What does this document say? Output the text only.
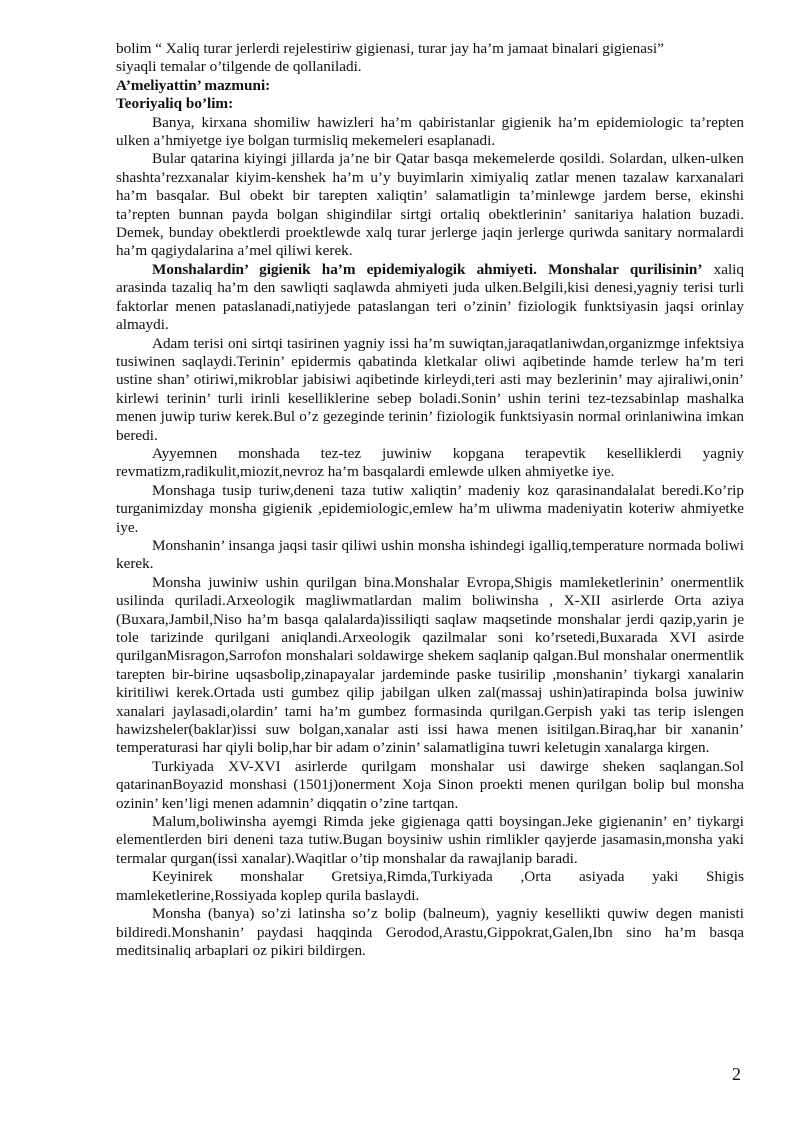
bolim “ Xaliq turar jerlerdi rejelestiriw gigienasi, turar jay ha’m jamaat binalari gigienasi”

siyaqli temalar o’tilgende de qollaniladi.

A’meliyattin’ mazmuni:

Teoriyaliq bo’lim:

Banya, kirxana shomiliw hawizleri ha’m qabiristanlar gigienik ha’m epidemiologic ta’repten ulken a’hmiyetge iye bolgan turmisliq mekemeleri esaplanadi.

Bular qatarina kiyingi jillarda ja’ne bir Qatar basqa mekemelerde qosildi. Solardan, ulken-ulken shashta’rezxanalar kiyim-kenshek ha’m u’y buyimlarin ximiyaliq zatlar menen tazalaw karxanalari ha’m basqalar. Bul obekt bir tarepten xaliqtin’ salamatligin ta’minlewge jardem berse, ekinshi ta’repten bunnan payda bolgan shigindilar sirtgi ortaliq obektlerinin’ sanitariya halation buzadi. Demek, bunday obektlerdi proektlewde xalq turar jerlerge jaqin jerlerge quriwda sanitary normalardi ha’m qagiydalarina a’mel qiliwi kerek.

Monshalardin’ gigienik ha’m epidemiyalogik ahmiyeti. Monshalar qurilisinin’ xaliq arasinda tazaliq ha’m den sawliqti saqlawda ahmiyeti juda ulken.Belgili,kisi denesi,yagniy terisi turli faktorlar menen pataslanadi,natiyjede pataslangan teri o’zinin’ fiziologik funktsiyasin jaqsi orinlay almaydi.

Adam terisi oni sirtqi tasirinen yagniy issi ha’m suwiqtan,jaraqatlaniwdan,organizmge infektsiya tusiwinen saqlaydi.Terinin’ epidermis qabatinda kletkalar oliwi aqibetinde hamde terlew ha’m teri ustine shan’ otiriwi,mikroblar jabisiwi aqibetinde kirleydi,teri asti may bezlerinin’ may ajiraliwi,onin’ kirlewi terinin’ turli irinli keselliklerine sebep boladi.Sonin’ ushin terini tez-tezsabinlap mashalka menen juwip turiw kerek.Bul o’z gezeginde terinin’ fiziologik funktsiyasin normal orinlaniwina imkan beredi.

Ayyemnen monshada tez-tez juwiniw kopgana terapevtik keselliklerdi yagniy revmatizm,radikulit,miozit,nevroz ha’m basqalardi emlewde ulken ahmiyetke iye.

Monshaga tusip turiw,deneni taza tutiw xaliqtin’ madeniy koz qarasinandalalat beredi.Ko’rip turganimizday monsha gigienik ,epidemiologic,emlew ha’m uliwma madeniyatin koteriw ahmiyetke iye.

Monshanin’ insanga jaqsi tasir qiliwi ushin monsha ishindegi igalliq,temperature normada boliwi kerek.

Monsha juwiniw ushin qurilgan bina.Monshalar Evropa,Shigis mamleketlerinin’ onermentlik usilinda quriladi.Arxeologik magliwmatlardan malim boliwinsha , X-XII asirlerde Orta aziya (Buxara,Jambil,Niso ha’m basqa qalalarda)issiliqti saqlaw maqsetinde monshalar jerdi qazip,yarin je tole tarizinde qurilgani aniqlandi.Arxeologik qazilmalar soni ko’rsetedi,Buxarada XVI asirde qurilganMisragon,Sarrofon monshalari soldawirge shekem saqlanip qalgan.Bul monshalar onermentlik tarepten bir-birine uqsasbolip,zinapayalar jardeminde paske tusirilip ,monshanin’ tiykargi xanalarin kiritiliwi kerek.Ortada usti gumbez qilip jabilgan ulken zal(massaj ushin)atirapinda bolsa juwiniw xanalari jaylasadi,olardin’ tami ha’m gumbez formasinda qurilgan.Gerpish yaki tas terip islengen hawizsheler(baklar)issi suw bolgan,xanalar asti issi hawa menen isitilgan.Biraq,har bir xananin’ temperaturasi har qiyli bolip,har bir adam o’zinin’ salamatligina tuwri keletugin xanalarga kirgen.

Turkiyada XV-XVI asirlerde qurilgam monshalar usi dawirge sheken saqlangan.Sol qatarinanBoyazid monshasi (1501j)onerment Xoja Sinon proekti menen qurilgan bolip bul monsha ozinin’ ken’ligi menen adamnin’ diqqatin o’zine tartqan.

Malum,boliwinsha ayemgi Rimda jeke gigienaga qatti boysingan.Jeke gigienanin’ en’ tiykargi elementlerden biri deneni taza tutiw.Bugan boysiniw ushin rimlikler qayjerde jasamasin,monsha yaki termalar qurgan(issi xanalar).Waqitlar o’tip monshalar da rawajlanip baradi.

Keyinirek monshalar Gretsiya,Rimda,Turkiyada ,Orta asiyada yaki Shigis mamleketlerine,Rossiyada koplep qurila baslaydi.

Monsha (banya) so’zi latinsha so’z bolip (balneum), yagniy kesellikti quwiw degen manisti bildiredi.Monshanin’ paydasi haqqinda Gerodod,Arastu,Gippokrat,Galen,Ibn sino ha’m basqa meditsinaliq arbaplari oz pikiri bildirgen.

2
